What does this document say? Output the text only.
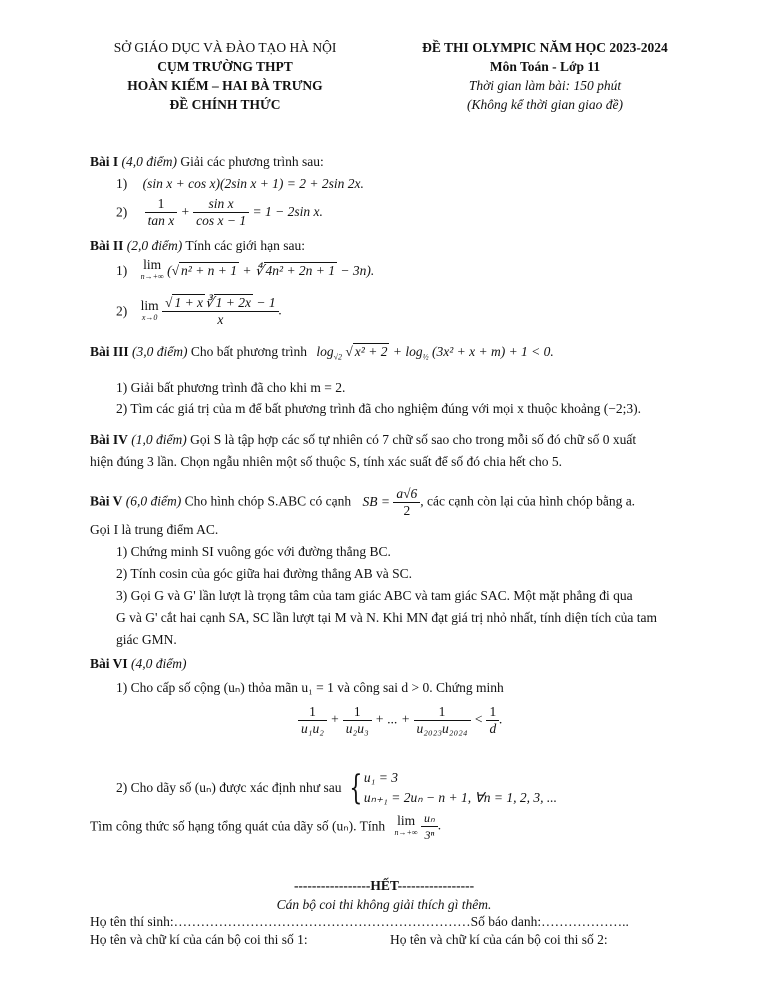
SỞ GIÁO DỤC VÀ ĐÀO TẠO HÀ NỘI
CỤM TRƯỜNG THPT
HOÀN KIẾM – HAI BÀ TRƯNG
ĐỀ CHÍNH THỨC
ĐỀ THI OLYMPIC NĂM HỌC 2023-2024
Môn Toán - Lớp 11
Thời gian làm bài: 150 phút
(Không kể thời gian giao đề)
Bài I (4,0 điểm) Giải các phương trình sau:
1) (sin x + cos x)(2sin x + 1) = 2 + 2sin 2x.
$2) \frac{1}{\text{tan x}} + \frac{\text{sin x}}{\text{cos x − 1}} = 1 - 2\sin$ x.
Bài II (2,0 điểm) Tính các giới hạn sau:
1) lim
n→+∞ (√ n² + n + 1 + ∜ 4n² + 2n + 1 − 3n).
2) lim
x→0
$\frac{√ 1 + x ∛ 1 + 2x - 1}{x}$ .
Bài III (3,0 điểm) Cho bất phương trình $\log_{√2}$ √ $x^2 + 2 + \log_{\frac{1}{2}} (3x^2 + x + m) + 1 < 0$.
1) Giải bất phương trình đã cho khi m = 2.
2) Tìm các giá trị của m để bất phương trình đã cho nghiệm đúng với mọi x thuộc khoảng (−2;3).
Bài IV (1,0 điểm) Gọi S là tập hợp các số tự nhiên có 7 chữ số sao cho trong mỗi số đó chữ số 0 xuất
hiện đúng 3 lần. Chọn ngẫu nhiên một số thuộc S, tính xác suất để số đó chia hết cho 5.
Bài V (6,0 điểm) Cho hình chóp S.ABC có cạnh SB = $\frac{a√6}{2}$ , các cạnh còn lại của hình chóp bằng a.
Gọi I là trung điểm AC.
1) Chứng minh SI vuông góc với đường thẳng BC.
2) Tính cosin của góc giữa hai đường thẳng AB và SC.
3) Gọi G và G' lần lượt là trọng tâm của tam giác ABC và tam giác SAC. Một mặt phẳng đi qua
G và G' cắt hai cạnh SA, SC lần lượt tại M và N. Khi MN đạt giá trị nhỏ nhất, tính diện tích của tam
giác GMN.
Bài VI (4,0 điểm)
1) Cho cấp số cộng (uₙ) thỏa mãn u₁ = 1 và công sai d > 0. Chứng minh
$\frac{1}{\text{u₁u₂}} + \frac{1}{\text{u₂u₃}}$ + ... + $\frac{1}{\text{u₂₀₂₃u₂₀₂₄}} < \frac{1}{d}$ .
2) Cho dãy số (uₙ) được xác định như sau { u₁ = 3
uₙ₊₁ = 2uₙ − n + 1, ∀n = 1, 2, 3, ...
Tìm công thức số hạng tổng quát của dãy số (uₙ). Tính lim
n→+∞
$\frac{\text{uₙ}}{\text{3ⁿ}}$ .
-----------------HẾT-----------------
Cán bộ coi thi không giải thích gì thêm.
Họ tên thí sinh:…………………………………………………………Số báo danh:………………..
Họ tên và chữ kí của cán bộ coi thi số 1:	Họ tên và chữ kí của cán bộ coi thi số 2:
